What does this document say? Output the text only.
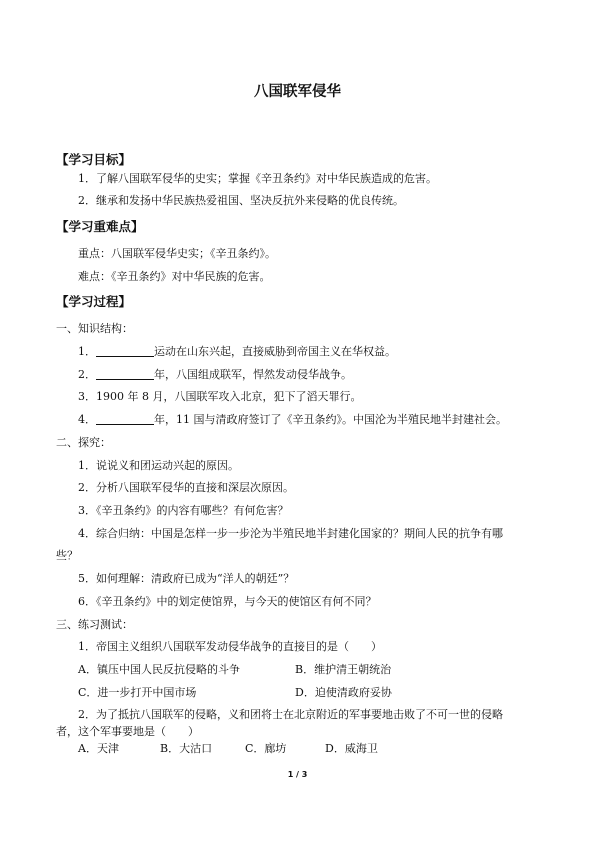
八国联军侵华
【学习目标】
1．了解八国联军侵华的史实；掌握《辛丑条约》对中华民族造成的危害。
2．继承和发扬中华民族热爱祖国、坚决反抗外来侵略的优良传统。
【学习重难点】
重点：八国联军侵华史实；《辛丑条约》。
难点：《辛丑条约》对中华民族的危害。
【学习过程】
一、知识结构：
1．	运动在山东兴起，直接威胁到帝国主义在华权益。
2．	年，八国组成联军，悍然发动侵华战争。
3．1900 年 8 月，八国联军攻入北京，犯下了滔天罪行。
4．	年，11 国与清政府签订了《辛丑条约》。中国沦为半殖民地半封建社会。
二、探究：
1．说说义和团运动兴起的原因。
2．分析八国联军侵华的直接和深层次原因。
3．《辛丑条约》的内容有哪些？有何危害？
4．综合归纳：中国是怎样一步一步沦为半殖民地半封建化国家的？期间人民的抗争有哪
些？
5．如何理解：清政府已成为“洋人的朝廷”？
6．《辛丑条约》中的划定使馆界，与今天的使馆区有何不同？
三、练习测试：
1．帝国主义组织八国联军发动侵华战争的直接目的是（　　）
A．镇压中国人民反抗侵略的斗争	B．维护清王朝统治
C．进一步打开中国市场	D．迫使清政府妥协
2．为了抵抗八国联军的侵略，义和团将士在北京附近的军事要地击败了不可一世的侵略
者，这个军事要地是（　　）
A．天津	B．大沽口	C．廊坊	D．威海卫
1 / 3
